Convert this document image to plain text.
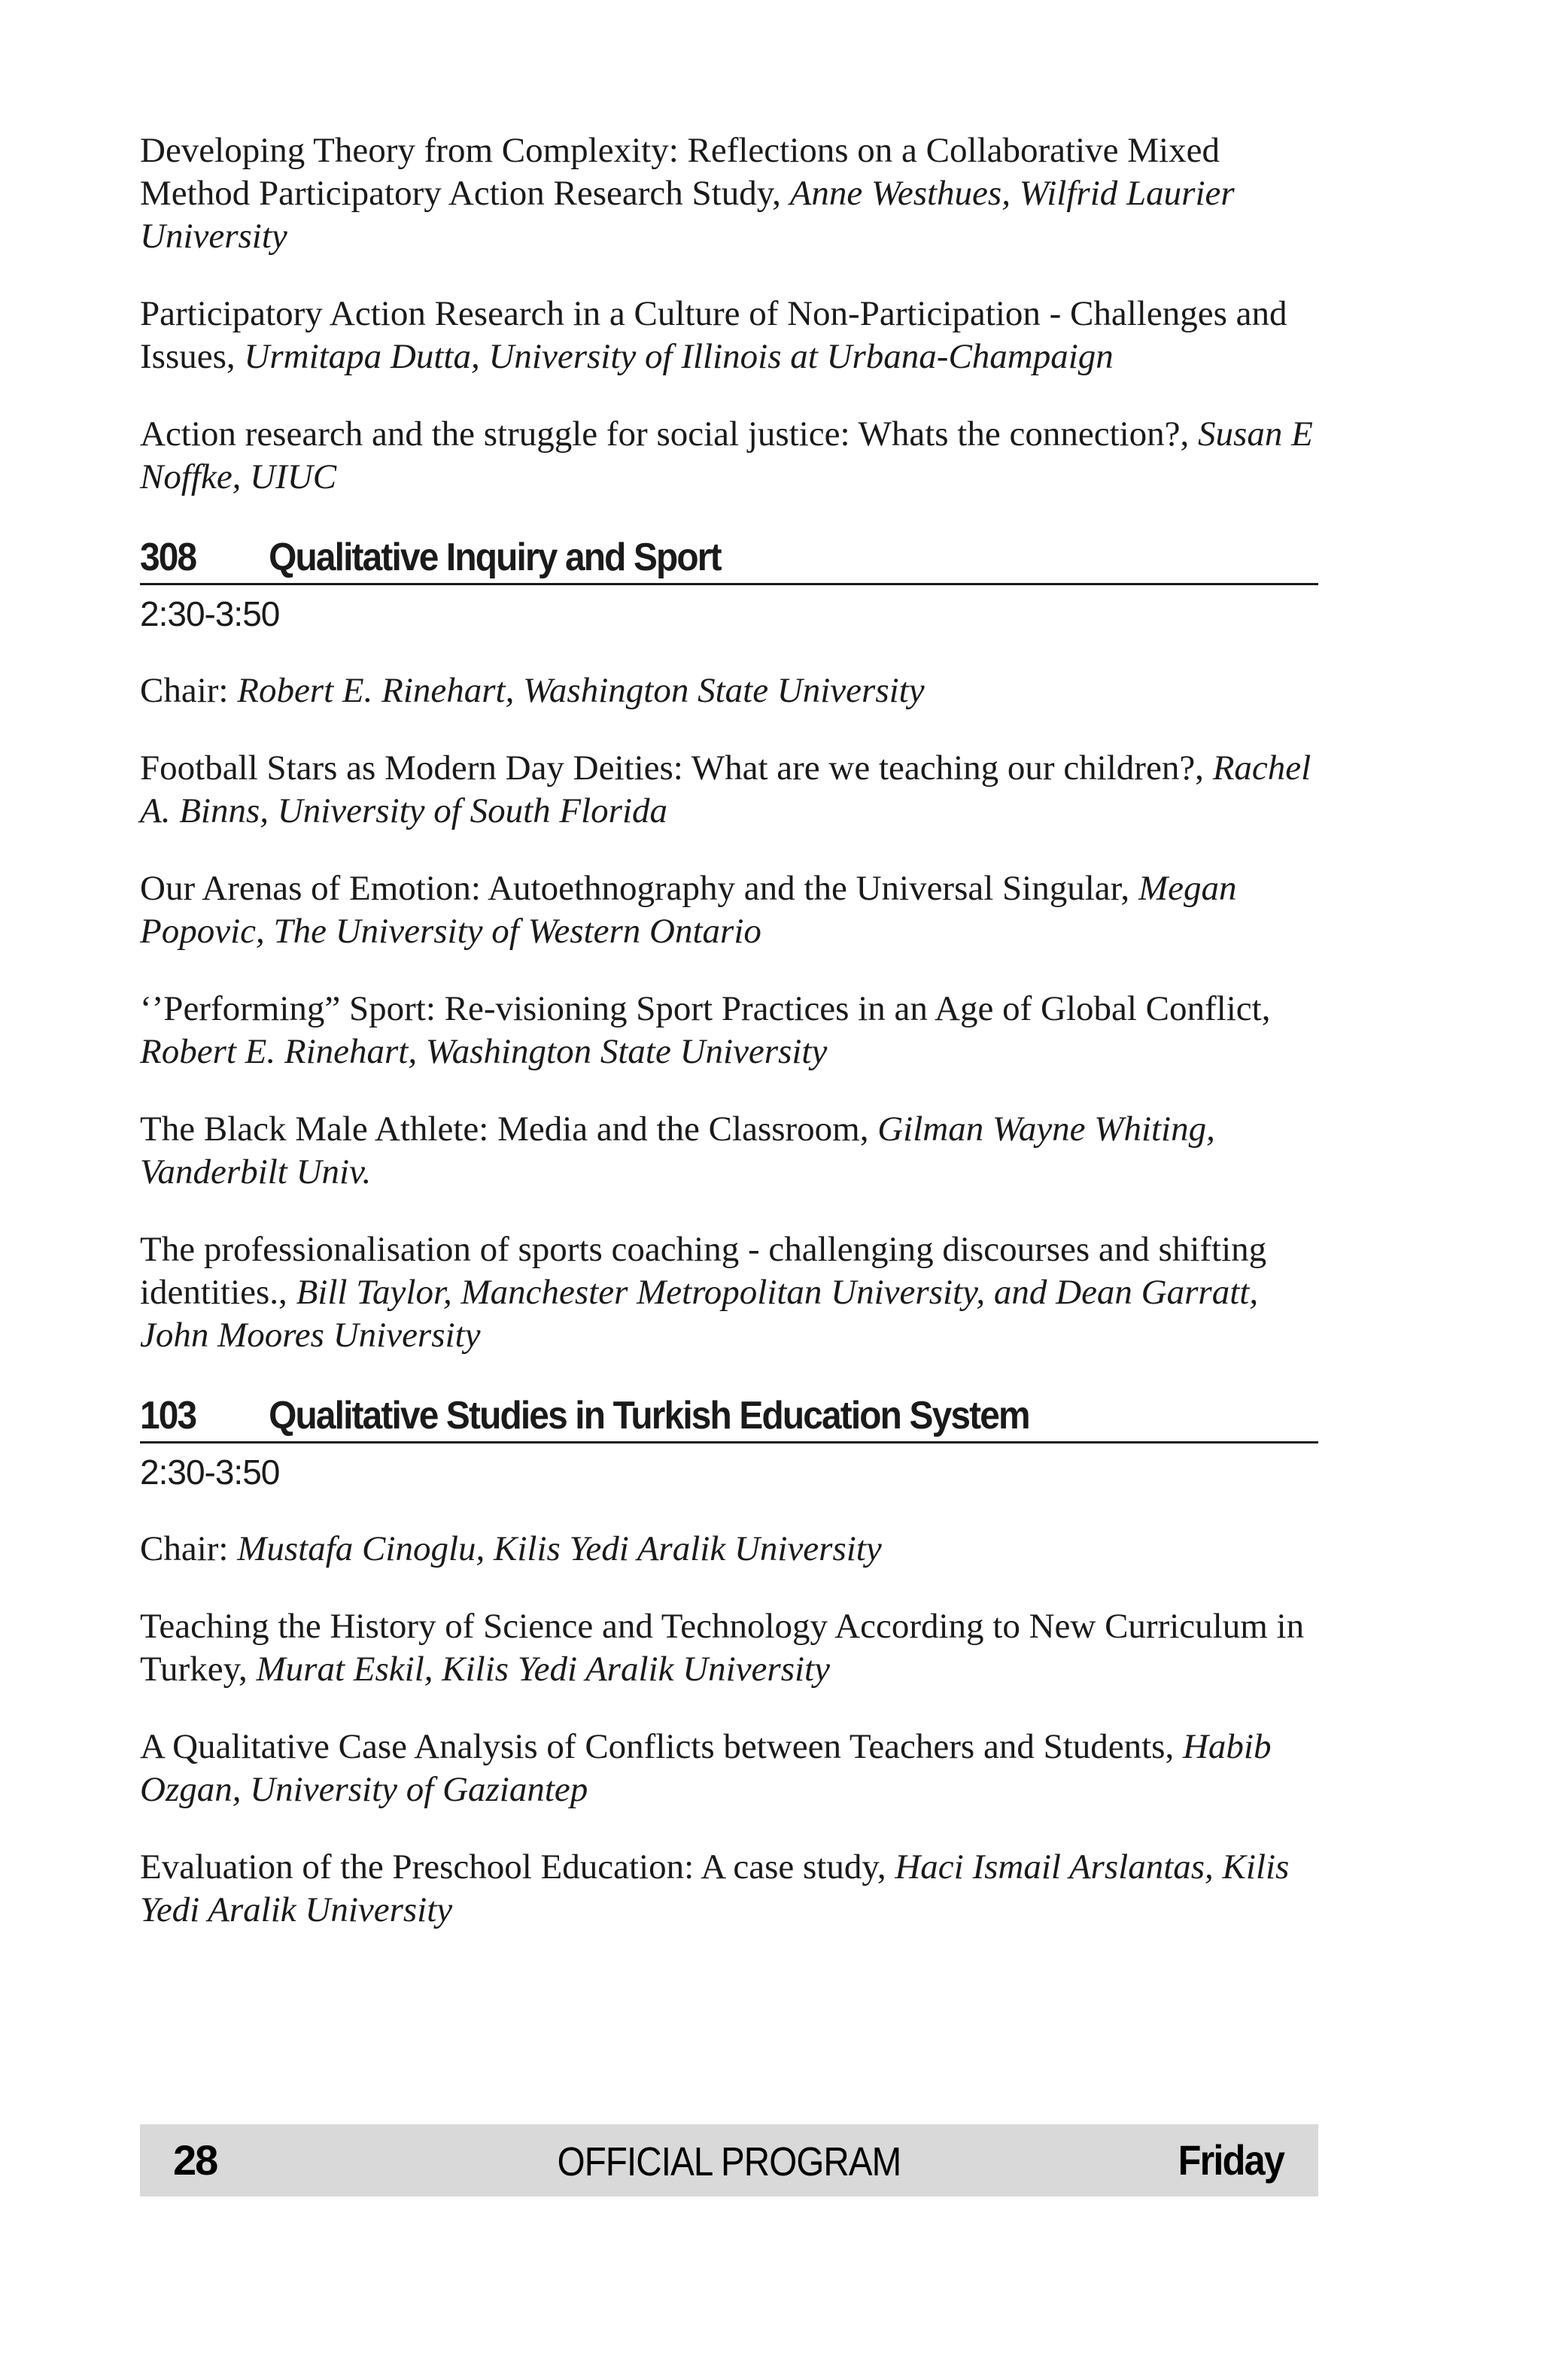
Developing Theory from Complexity: Reflections on a Collaborative Mixed Method Participatory Action Research Study, Anne Westhues, Wilfrid Laurier University
Participatory Action Research in a Culture of Non-Participation - Challenges and Issues, Urmitapa Dutta, University of Illinois at Urbana-Champaign
Action research and the struggle for social justice: Whats the connection?, Susan E Noffke, UIUC
308	Qualitative Inquiry and Sport
2:30-3:50
Chair: Robert E. Rinehart, Washington State University
Football Stars as Modern Day Deities: What are we teaching our children?, Rachel A. Binns, University of South Florida
Our Arenas of Emotion: Autoethnography and the Universal Singular, Megan Popovic, The University of Western Ontario
‘’Performing” Sport: Re-visioning Sport Practices in an Age of Global Conflict, Robert E. Rinehart, Washington State University
The Black Male Athlete: Media and the Classroom, Gilman Wayne Whiting, Vanderbilt Univ.
The professionalisation of sports coaching - challenging discourses and shifting identities., Bill Taylor, Manchester Metropolitan University, and Dean Garratt, John Moores University
103	Qualitative Studies in Turkish Education System
2:30-3:50
Chair: Mustafa Cinoglu, Kilis Yedi Aralik University
Teaching the History of Science and Technology According to New Curriculum in Turkey, Murat Eskil, Kilis Yedi Aralik University
A Qualitative Case Analysis of Conflicts between Teachers and Students, Habib Ozgan, University of Gaziantep
Evaluation of the Preschool Education: A case study, Haci Ismail Arslantas, Kilis Yedi Aralik University
28	OFFICIAL PROGRAM	Friday
